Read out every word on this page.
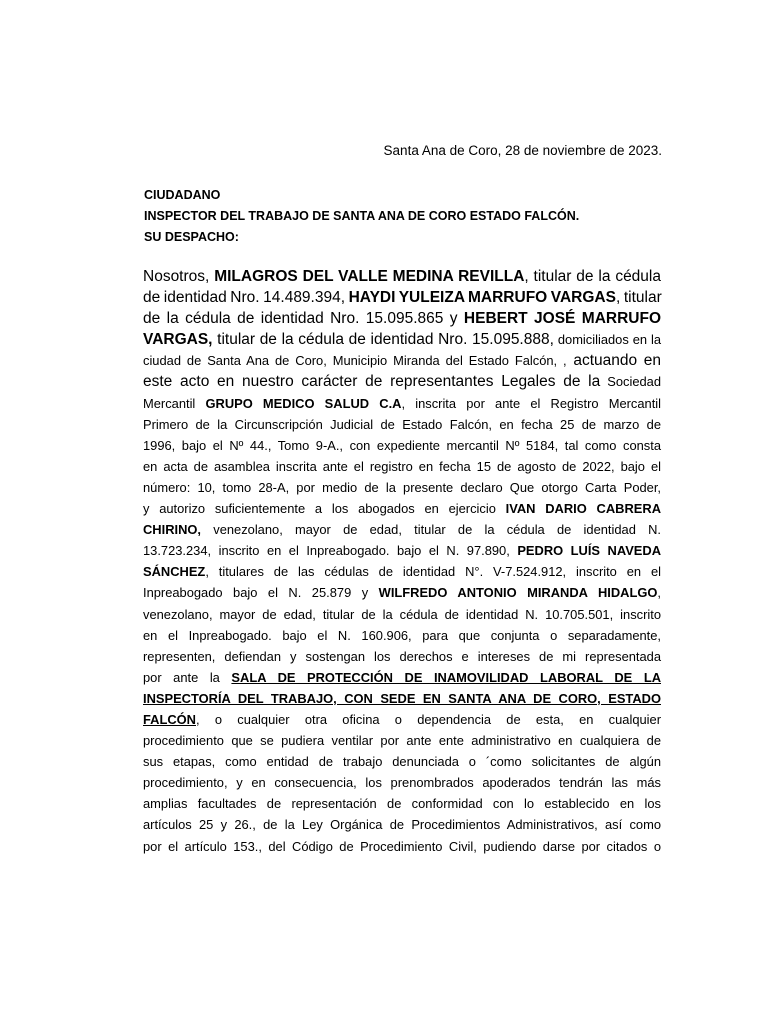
Santa Ana de Coro, 28 de noviembre de 2023.
CIUDADANO
INSPECTOR DEL TRABAJO DE SANTA ANA DE CORO ESTADO FALCÓN.
SU DESPACHO:
Nosotros, MILAGROS DEL VALLE MEDINA REVILLA, titular de la cédula
de identidad Nro. 14.489.394, HAYDI YULEIZA MARRUFO VARGAS, titular
de la cédula de identidad Nro. 15.095.865 y HEBERT JOSÉ MARRUFO
VARGAS, titular de la cédula de identidad Nro. 15.095.888, domiciliados en la
ciudad de Santa Ana de Coro, Municipio Miranda del Estado Falcón, , actuando en
este acto en nuestro carácter de representantes Legales de la Sociedad
Mercantil GRUPO MEDICO SALUD C.A, inscrita por ante el Registro Mercantil
Primero de la Circunscripción Judicial de Estado Falcón, en fecha 25 de marzo de
1996, bajo el Nº 44., Tomo 9-A., con expediente mercantil Nº 5184, tal como consta
en acta de asamblea inscrita ante el registro en fecha 15 de agosto de 2022, bajo el
número: 10, tomo 28-A, por medio de la presente declaro Que otorgo Carta Poder,
y autorizo suficientemente a los abogados en ejercicio IVAN DARIO CABRERA
CHIRINO, venezolano, mayor de edad, titular de la cédula de identidad N.
13.723.234, inscrito en el Inpreabogado. bajo el N. 97.890, PEDRO LUÍS NAVEDA
SÁNCHEZ, titulares de las cédulas de identidad N°. V-7.524.912, inscrito en el
Inpreabogado bajo el N. 25.879 y WILFREDO ANTONIO MIRANDA HIDALGO,
venezolano, mayor de edad, titular de la cédula de identidad N. 10.705.501, inscrito
en el Inpreabogado. bajo el N. 160.906, para que conjunta o separadamente,
representen, defiendan y sostengan los derechos e intereses de mi representada
por ante la SALA DE PROTECCIÓN DE INAMOVILIDAD LABORAL DE LA
INSPECTORÍA DEL TRABAJO, CON SEDE EN SANTA ANA DE CORO, ESTADO
FALCÓN, o cualquier otra oficina o dependencia de esta, en cualquier
procedimiento que se pudiera ventilar por ante ente administrativo en cualquiera de
sus etapas, como entidad de trabajo denunciada o ´como solicitantes de algún
procedimiento, y en consecuencia, los prenombrados apoderados tendrán las más
amplias facultades de representación de conformidad con lo establecido en los
artículos 25 y 26., de la Ley Orgánica de Procedimientos Administrativos, así como
por el artículo 153., del Código de Procedimiento Civil, pudiendo darse por citados o
